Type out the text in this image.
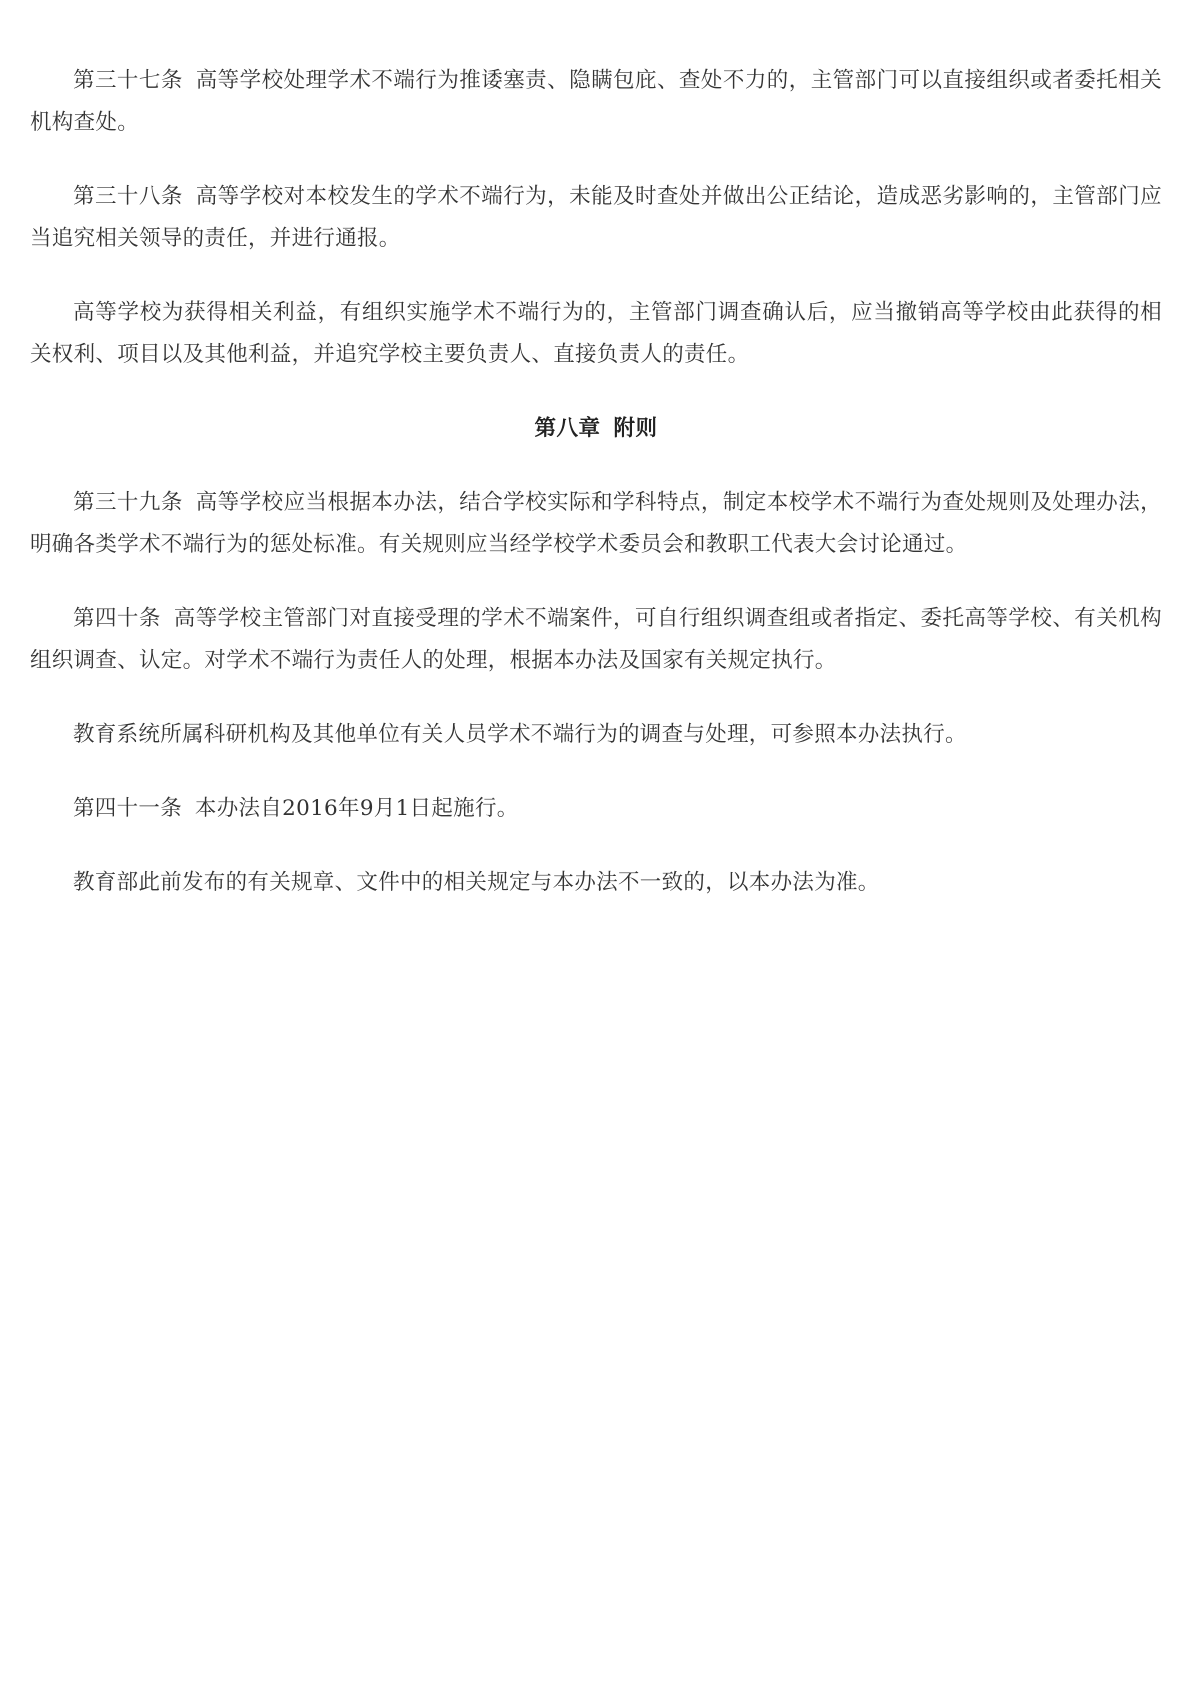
第三十七条 高等学校处理学术不端行为推诿塞责、隐瞒包庇、查处不力的，主管部门可以直接组织或者委托相关机构查处。

第三十八条 高等学校对本校发生的学术不端行为，未能及时查处并做出公正结论，造成恶劣影响的，主管部门应当追究相关领导的责任，并进行通报。

高等学校为获得相关利益，有组织实施学术不端行为的，主管部门调查确认后，应当撤销高等学校由此获得的相关权利、项目以及其他利益，并追究学校主要负责人、直接负责人的责任。

第八章 附则

第三十九条 高等学校应当根据本办法，结合学校实际和学科特点，制定本校学术不端行为查处规则及处理办法，明确各类学术不端行为的惩处标准。有关规则应当经学校学术委员会和教职工代表大会讨论通过。

第四十条 高等学校主管部门对直接受理的学术不端案件，可自行组织调查组或者指定、委托高等学校、有关机构组织调查、认定。对学术不端行为责任人的处理，根据本办法及国家有关规定执行。

教育系统所属科研机构及其他单位有关人员学术不端行为的调查与处理，可参照本办法执行。

第四十一条 本办法自2016年9月1日起施行。

教育部此前发布的有关规章、文件中的相关规定与本办法不一致的，以本办法为准。
